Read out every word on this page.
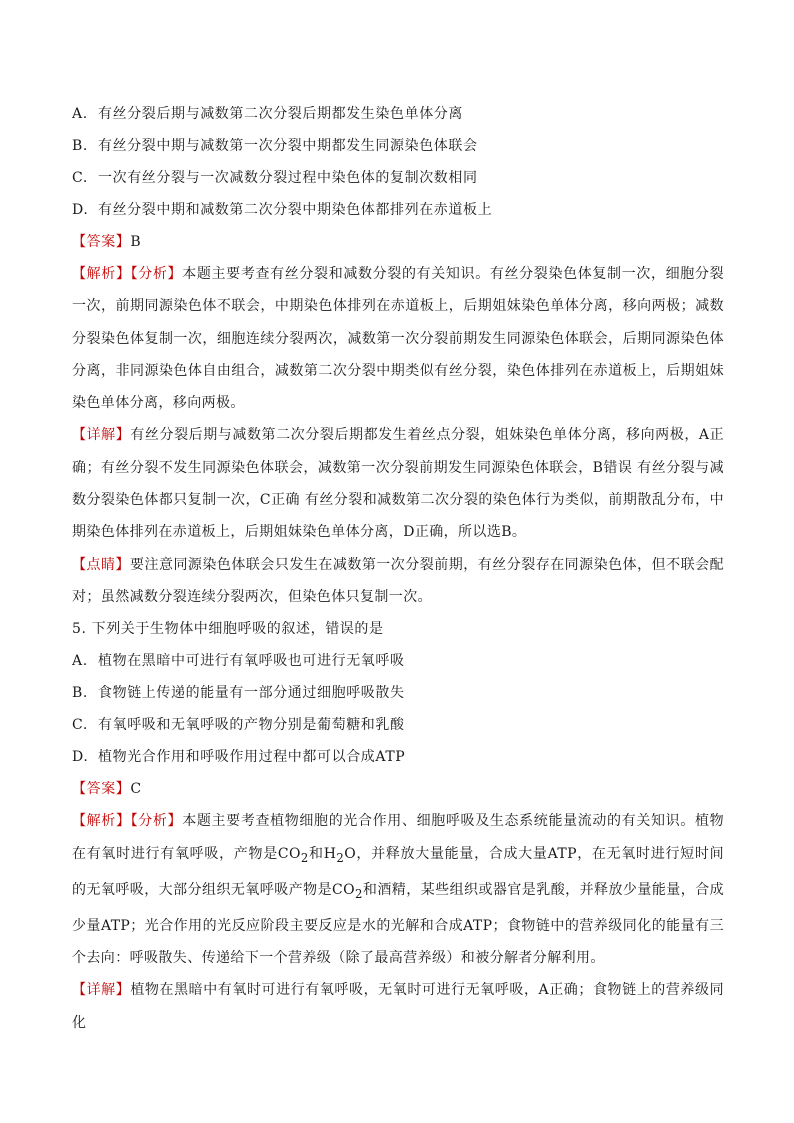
A. 有丝分裂后期与减数第二次分裂后期都发生染色单体分离
B. 有丝分裂中期与减数第一次分裂中期都发生同源染色体联会
C. 一次有丝分裂与一次减数分裂过程中染色体的复制次数相同
D. 有丝分裂中期和减数第二次分裂中期染色体都排列在赤道板上
【答案】B
【解析】【分析】本题主要考查有丝分裂和减数分裂的有关知识。有丝分裂染色体复制一次，细胞分裂一次，前期同源染色体不联会，中期染色体排列在赤道板上，后期姐妹染色单体分离，移向两极；减数分裂染色体复制一次，细胞连续分裂两次，减数第一次分裂前期发生同源染色体联会，后期同源染色体分离，非同源染色体自由组合，减数第二次分裂中期类似有丝分裂，染色体排列在赤道板上，后期姐妹染色单体分离，移向两极。
【详解】有丝分裂后期与减数第二次分裂后期都发生着丝点分裂，姐妹染色单体分离，移向两极，A正确；有丝分裂不发生同源染色体联会，减数第一次分裂前期发生同源染色体联会，B错误 有丝分裂与减数分裂染色体都只复制一次，C正确 有丝分裂和减数第二次分裂的染色体行为类似，前期散乱分布，中期染色体排列在赤道板上，后期姐妹染色单体分离，D正确，所以选B。
【点睛】要注意同源染色体联会只发生在减数第一次分裂前期，有丝分裂存在同源染色体，但不联会配对；虽然减数分裂连续分裂两次，但染色体只复制一次。
5. 下列关于生物体中细胞呼吸的叙述，错误的是
A. 植物在黑暗中可进行有氧呼吸也可进行无氧呼吸
B. 食物链上传递的能量有一部分通过细胞呼吸散失
C. 有氧呼吸和无氧呼吸的产物分别是葡萄糖和乳酸
D. 植物光合作用和呼吸作用过程中都可以合成ATP
【答案】C
【解析】【分析】本题主要考查植物细胞的光合作用、细胞呼吸及生态系统能量流动的有关知识。植物在有氧时进行有氧呼吸，产物是$CO_2$和$H_2O$，并释放大量能量，合成大量ATP，在无氧时进行短时间的无氧呼吸，大部分组织无氧呼吸产物是$CO_2$和酒精，某些组织或器官是乳酸，并释放少量能量，合成少量ATP；光合作用的光反应阶段主要反应是水的光解和合成ATP；食物链中的营养级同化的能量有三个去向：呼吸散失、传递给下一个营养级（除了最高营养级）和被分解者分解利用。
【详解】植物在黑暗中有氧时可进行有氧呼吸，无氧时可进行无氧呼吸，A正确；食物链上的营养级同化
